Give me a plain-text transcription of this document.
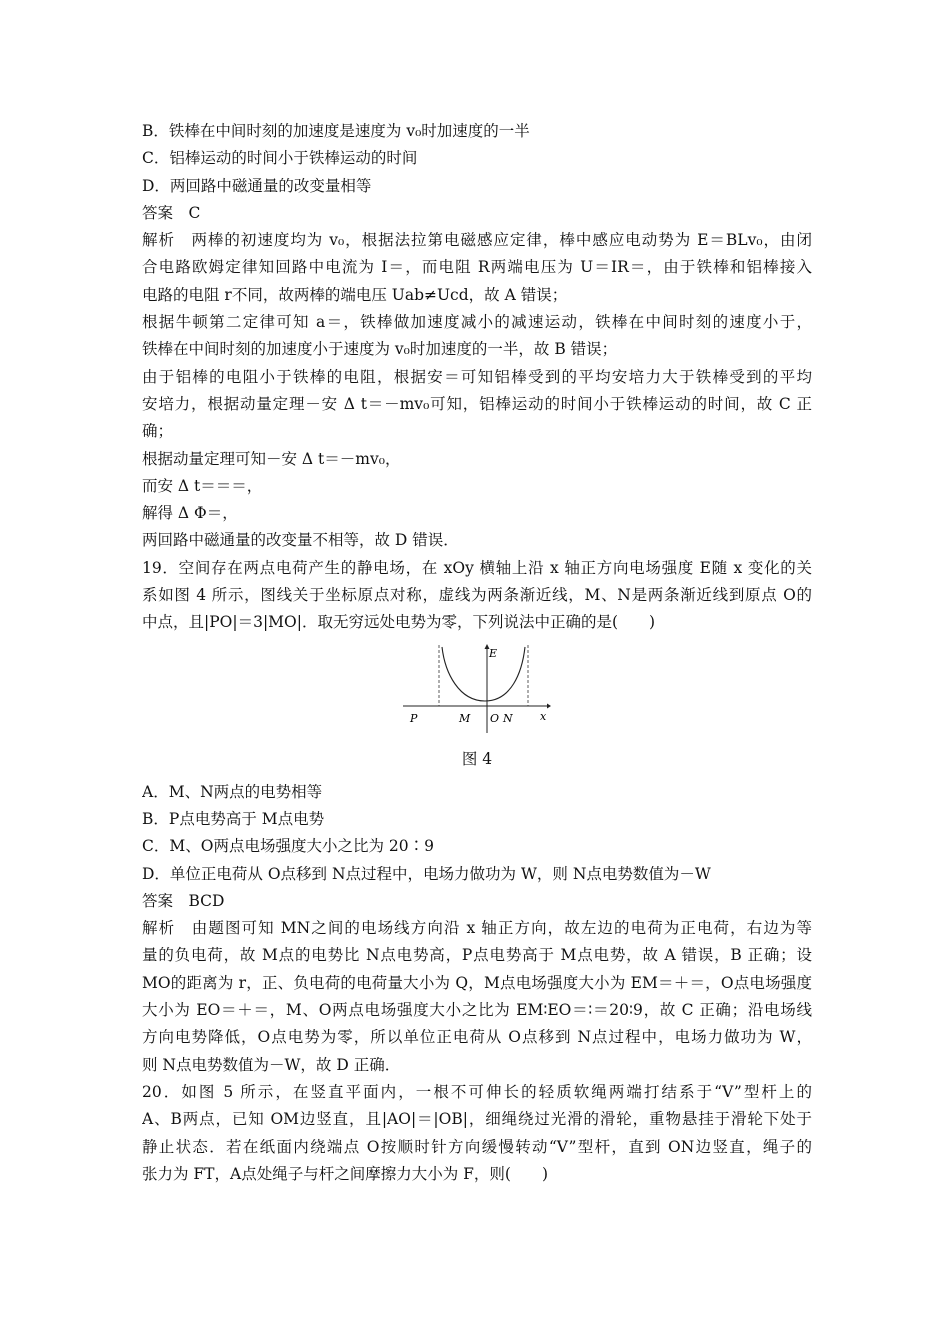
B．铁棒在中间时刻的加速度是速度为 v₀时加速度的一半
C．铝棒运动的时间小于铁棒运动的时间
D．两回路中磁通量的改变量相等
答案　C
解析　两棒的初速度均为 v₀，根据法拉第电磁感应定律，棒中感应电动势为 E＝BLv₀，由闭
合电路欧姆定律知回路中电流为 I＝，而电阻 R两端电压为 U＝IR＝，由于铁棒和铝棒接入
电路的电阻 r不同，故两棒的端电压 Uab≠Ucd，故 A 错误；
根据牛顿第二定律可知 a＝，铁棒做加速度减小的减速运动，铁棒在中间时刻的速度小于，
铁棒在中间时刻的加速度小于速度为 v₀时加速度的一半，故 B 错误；
由于铝棒的电阻小于铁棒的电阻，根据安＝可知铝棒受到的平均安培力大于铁棒受到的平均
安培力，根据动量定理－安 Δ t＝－mv₀可知，铝棒运动的时间小于铁棒运动的时间，故 C 正
确；
根据动量定理可知－安 Δ t＝－mv₀，
而安 Δ t＝＝＝，
解得 Δ Φ＝，
两回路中磁通量的改变量不相等，故 D 错误．
19．空间存在两点电荷产生的静电场，在 xOy 横轴上沿 x 轴正方向电场强度 E随 x 变化的关
系如图 4 所示，图线关于坐标原点对称，虚线为两条渐近线，M、N是两条渐近线到原点 O的
中点，且|PO|＝3|MO|．取无穷远处电势为零，下列说法中正确的是(　　)
E
x
P	M O N
图 4
A．M、N两点的电势相等
B．P点电势高于 M点电势
C．M、O两点电场强度大小之比为 20∶9
D．单位正电荷从 O点移到 N点过程中，电场力做功为 W，则 N点电势数值为－W
答案　BCD
解析　由题图可知 MN之间的电场线方向沿 x 轴正方向，故左边的电荷为正电荷，右边为等
量的负电荷，故 M点的电势比 N点电势高，P点电势高于 M点电势，故 A 错误，B 正确；设
MO的距离为 r，正、负电荷的电荷量大小为 Q，M点电场强度大小为 EM＝＋＝，O点电场强度
大小为 EO＝＋＝，M、O两点电场强度大小之比为 EM∶EO＝∶＝20∶9，故 C 正确；沿电场线
方向电势降低，O点电势为零，所以单位正电荷从 O点移到 N点过程中，电场力做功为 W，
则 N点电势数值为－W，故 D 正确．
20．如图 5 所示，在竖直平面内，一根不可伸长的轻质软绳两端打结系于“V”型杆上的
A、B两点，已知 OM边竖直，且|AO|＝|OB|，细绳绕过光滑的滑轮，重物悬挂于滑轮下处于
静止状态．若在纸面内绕端点 O按顺时针方向缓慢转动“V”型杆，直到 ON边竖直，绳子的
张力为 FT，A点处绳子与杆之间摩擦力大小为 F，则(　　)
